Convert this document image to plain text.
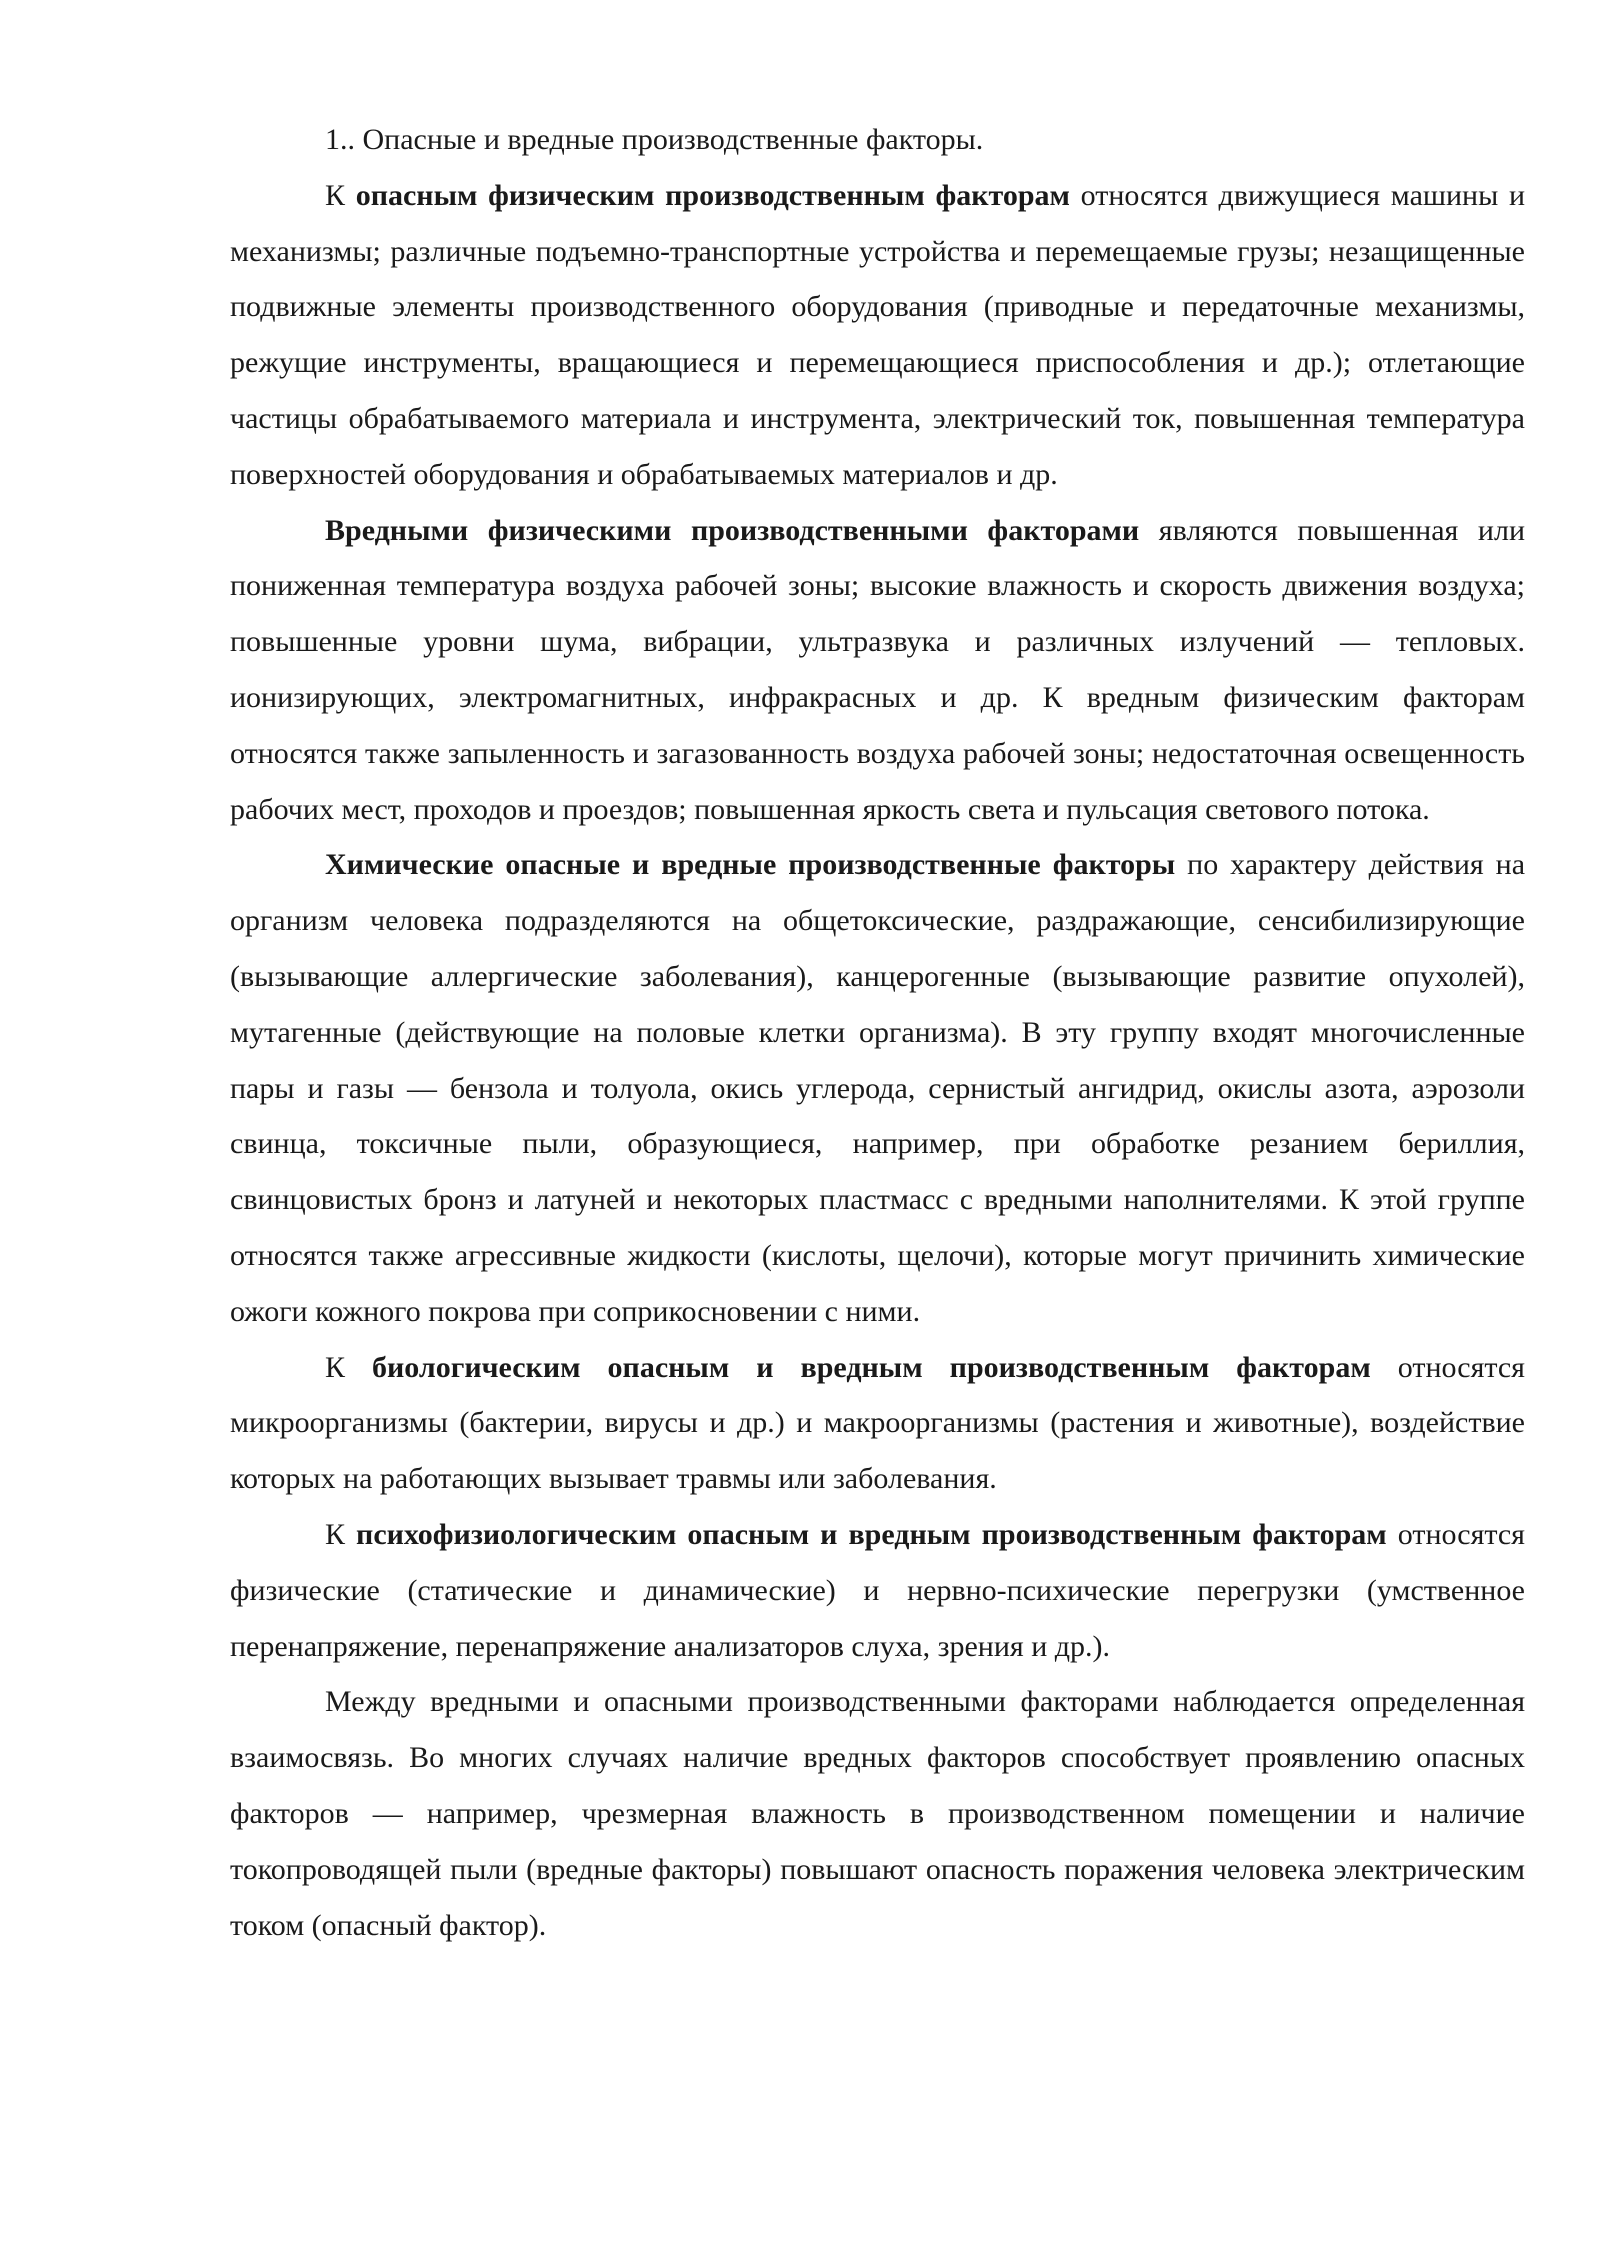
1.. Опасные и вредные производственные факторы.

К опасным физическим производственным факторам относятся движущиеся машины и механизмы; различные подъемно-транспортные устройства и перемещаемые грузы; незащищенные подвижные элементы производственного оборудования (приводные и передаточные механизмы, режущие инструменты, вращающиеся и перемещающиеся приспособления и др.); отлетающие частицы обрабатываемого материала и инструмента, электрический ток, повышенная температура поверхностей оборудования и обрабатываемых материалов и др.

Вредными физическими производственными факторами являются повышенная или пониженная температура воздуха рабочей зоны; высокие влажность и скорость движения воздуха; повышенные уровни шума, вибрации, ультразвука и различных излучений — тепловых. ионизирующих, электромагнитных, инфракрасных и др. К вредным физическим факторам относятся также запыленность и загазованность воздуха рабочей зоны; недостаточная освещенность рабочих мест, проходов и проездов; повышенная яркость света и пульсация светового потока.

Химические опасные и вредные производственные факторы по характеру действия на организм человека подразделяются на общетоксические, раздражающие, сенсибилизирующие (вызывающие аллергические заболевания), канцерогенные (вызывающие развитие опухолей), мутагенные (действующие на половые клетки организма). В эту группу входят многочисленные пары и газы — бензола и толуола, окись углерода, сернистый ангидрид, окислы азота, аэрозоли свинца, токсичные пыли, образующиеся, например, при обработке резанием бериллия, свинцовистых бронз и латуней и некоторых пластмасс с вредными наполнителями. К этой группе относятся также агрессивные жидкости (кислоты, щелочи), которые могут причинить химические ожоги кожного покрова при соприкосновении с ними.

К биологическим опасным и вредным производственным факторам относятся микроорганизмы (бактерии, вирусы и др.) и макроорганизмы (растения и животные), воздействие которых на работающих вызывает травмы или заболевания.

К психофизиологическим опасным и вредным производственным факторам относятся физические (статические и динамические) и нервно-психические перегрузки (умственное перенапряжение, перенапряжение анализаторов слуха, зрения и др.).

Между вредными и опасными производственными факторами наблюдается определенная взаимосвязь. Во многих случаях наличие вредных факторов способствует проявлению опасных факторов — например, чрезмерная влажность в производственном помещении и наличие токопроводящей пыли (вредные факторы) повышают опасность поражения человека электрическим током (опасный фактор).
